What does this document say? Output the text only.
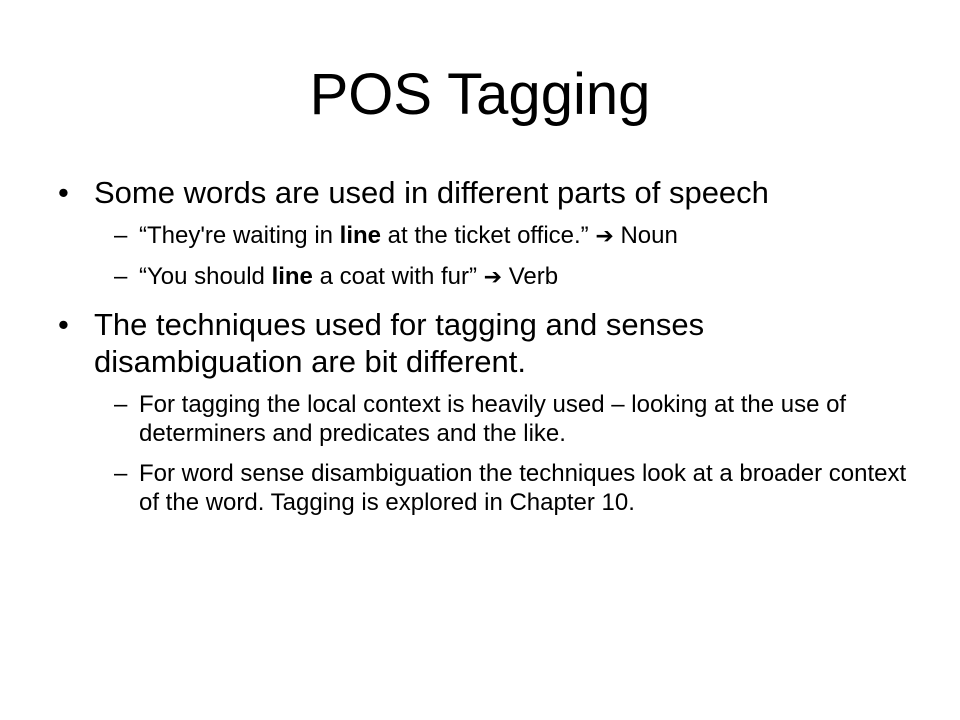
POS Tagging

• Some words are used in different parts of speech

– “They're waiting in line at the ticket office.” ➔ Noun

– “You should line a coat with fur” ➔ Verb

• The techniques used for tagging and senses disambiguation are bit different.

– For tagging the local context is heavily used – looking at the use of determiners and predicates and the like.

– For word sense disambiguation the techniques look at a broader context of the word. Tagging is explored in Chapter 10.
